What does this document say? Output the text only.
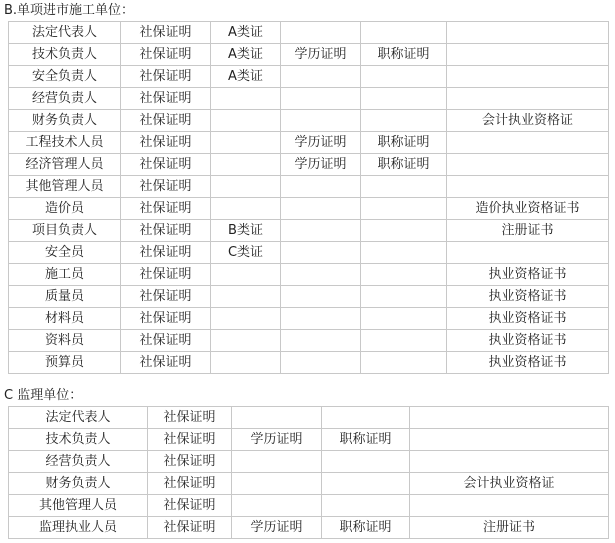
B.单项进市施工单位：
法定代表人	社保证明	A类证			
技术负责人	社保证明	A类证	学历证明	职称证明	
安全负责人	社保证明	A类证			
经营负责人	社保证明				
财务负责人	社保证明				会计执业资格证
工程技术人员	社保证明		学历证明	职称证明	
经济管理人员	社保证明		学历证明	职称证明	
其他管理人员	社保证明				
造价员	社保证明				造价执业资格证书
项目负责人	社保证明	B类证			注册证书
安全员	社保证明	C类证			
施工员	社保证明				执业资格证书
质量员	社保证明				执业资格证书
材料员	社保证明				执业资格证书
资料员	社保证明				执业资格证书
预算员	社保证明				执业资格证书
C 监理单位：
法定代表人	社保证明			
技术负责人	社保证明	学历证明	职称证明	
经营负责人	社保证明			
财务负责人	社保证明			会计执业资格证
其他管理人员	社保证明			
监理执业人员	社保证明	学历证明	职称证明	注册证书
